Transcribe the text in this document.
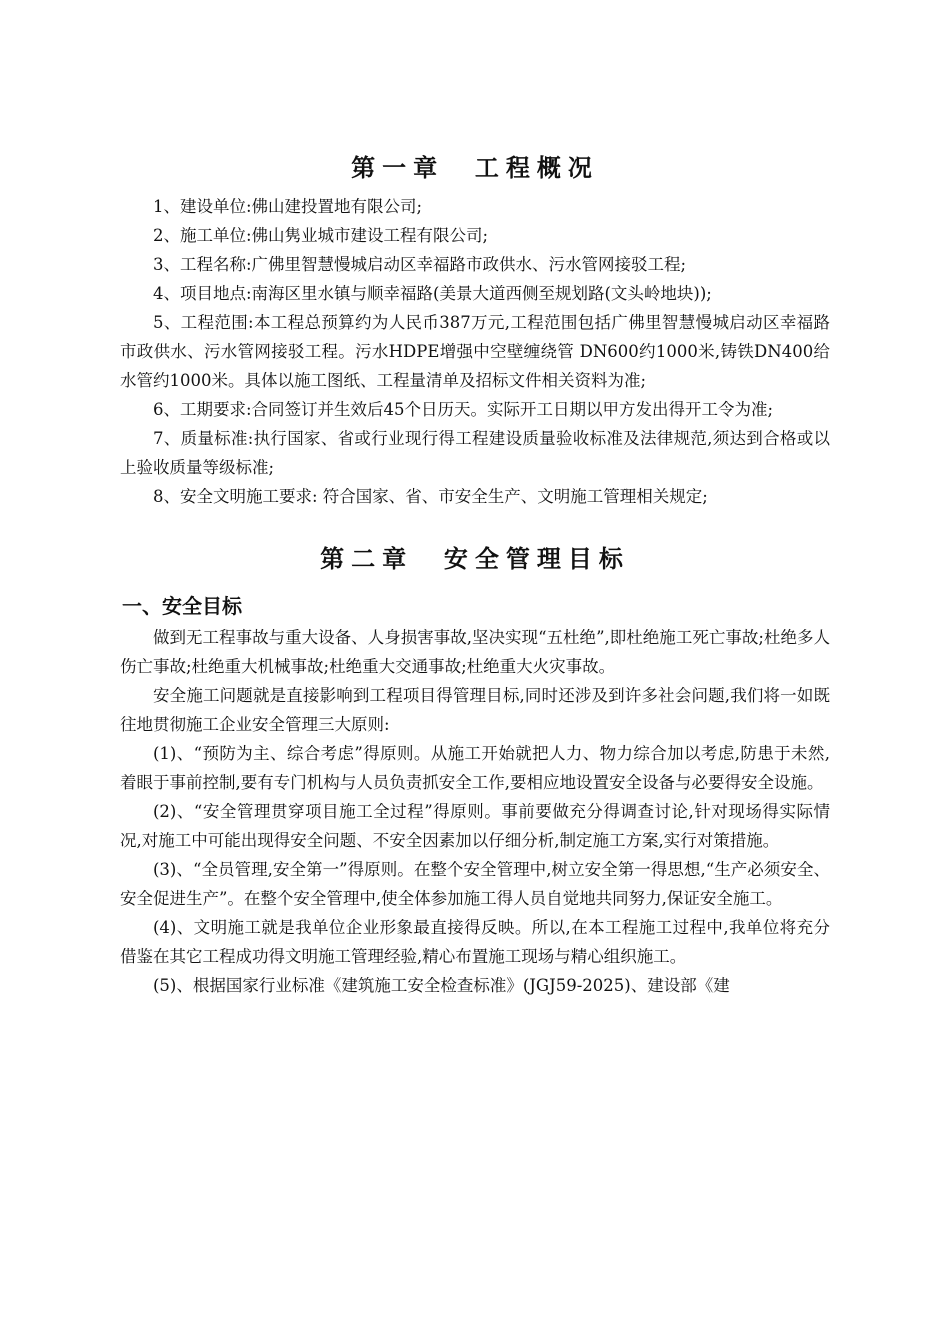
第一章  工程概况

1、建设单位:佛山建投置地有限公司;

2、施工单位:佛山隽业城市建设工程有限公司;

3、工程名称:广佛里智慧慢城启动区幸福路市政供水、污水管网接驳工程;

4、项目地点:南海区里水镇与顺幸福路(美景大道西侧至规划路(文头岭地块));

5、工程范围:本工程总预算约为人民币387万元,工程范围包括广佛里智慧慢城启动区幸福路市政供水、污水管网接驳工程。污水HDPE增强中空壁缠绕管 DN600约1000米,铸铁DN400给水管约1000米。具体以施工图纸、工程量清单及招标文件相关资料为准;

6、工期要求:合同签订并生效后45个日历天。实际开工日期以甲方发出得开工令为准;

7、质量标准:执行国家、省或行业现行得工程建设质量验收标准及法律规范,须达到合格或以上验收质量等级标准;

8、安全文明施工要求: 符合国家、省、市安全生产、文明施工管理相关规定;

第二章  安全管理目标
一、安全目标

做到无工程事故与重大设备、人身损害事故,坚决实现“五杜绝”,即杜绝施工死亡事故;杜绝多人伤亡事故;杜绝重大机械事故;杜绝重大交通事故;杜绝重大火灾事故。

安全施工问题就是直接影响到工程项目得管理目标,同时还涉及到许多社会问题,我们将一如既往地贯彻施工企业安全管理三大原则:

(1)、“预防为主、综合考虑”得原则。从施工开始就把人力、物力综合加以考虑,防患于未然,着眼于事前控制,要有专门机构与人员负责抓安全工作,要相应地设置安全设备与必要得安全设施。

(2)、“安全管理贯穿项目施工全过程”得原则。事前要做充分得调查讨论,针对现场得实际情况,对施工中可能出现得安全问题、不安全因素加以仔细分析,制定施工方案,实行对策措施。

(3)、“全员管理,安全第一”得原则。在整个安全管理中,树立安全第一得思想,“生产必须安全、安全促进生产”。在整个安全管理中,使全体参加施工得人员自觉地共同努力,保证安全施工。

(4)、文明施工就是我单位企业形象最直接得反映。所以,在本工程施工过程中,我单位将充分借鉴在其它工程成功得文明施工管理经验,精心布置施工现场与精心组织施工。

(5)、根据国家行业标准《建筑施工安全检查标准》(JGJ59-2025)、建设部《建
